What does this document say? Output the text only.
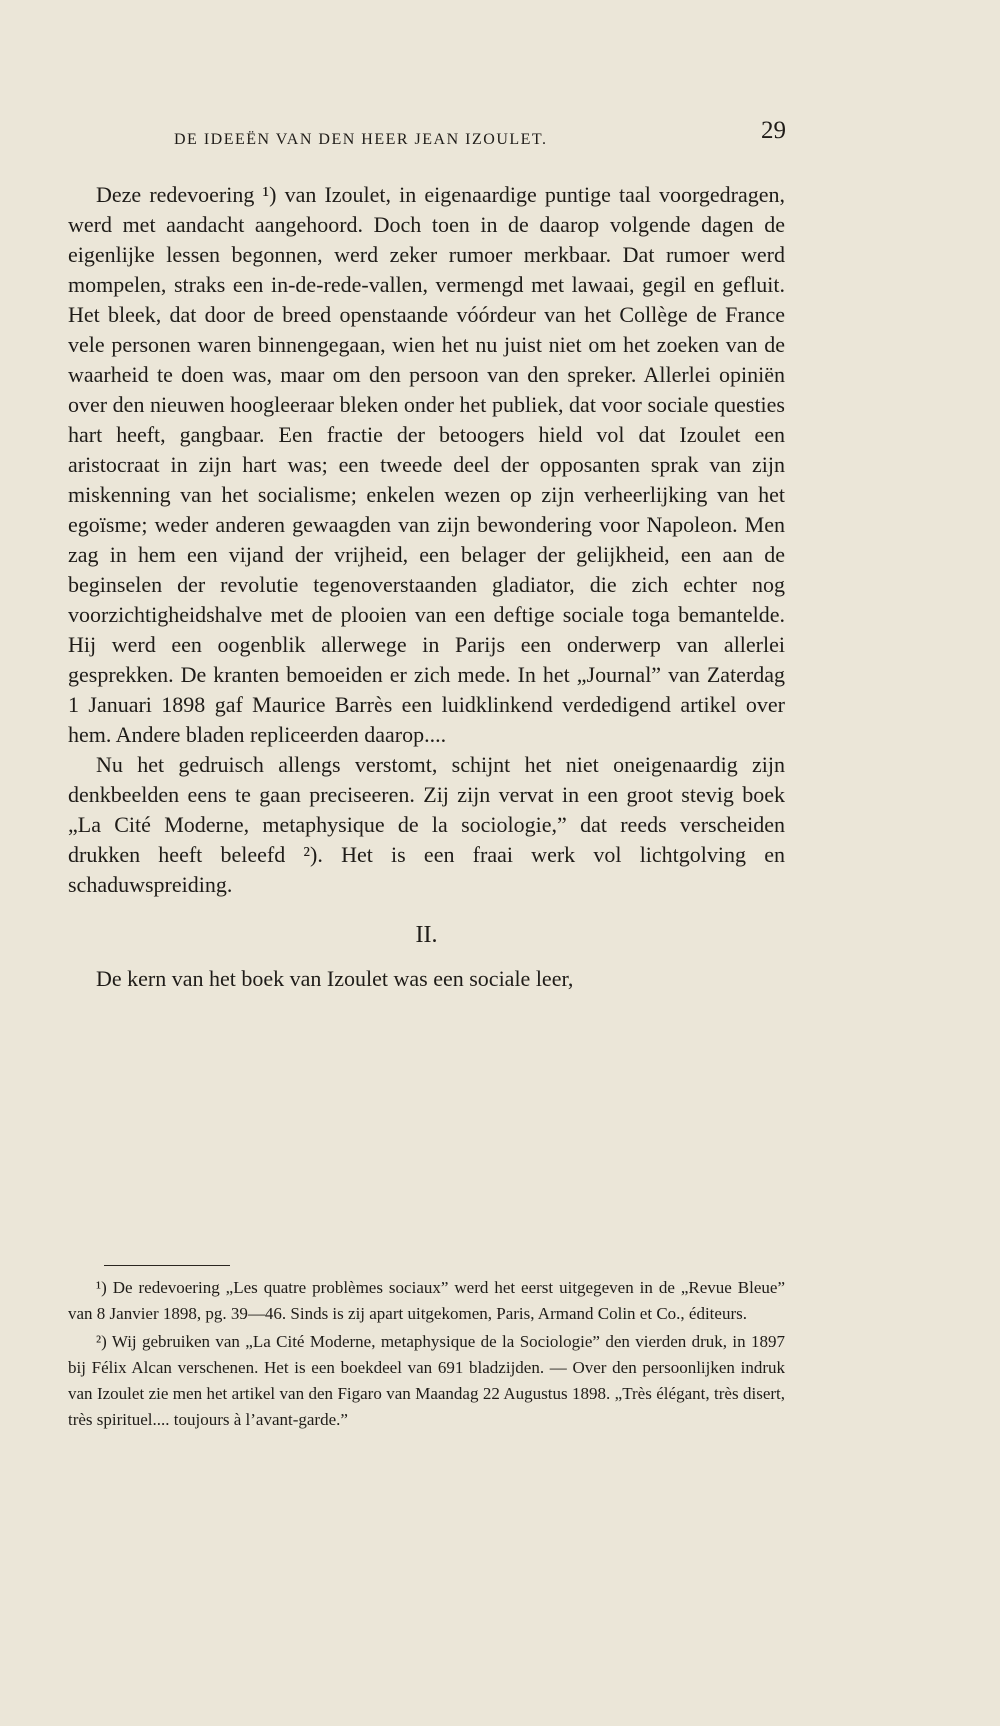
DE IDEEËN VAN DEN HEER JEAN IZOULET.	29

Deze redevoering ¹) van Izoulet, in eigenaardige puntige taal voorgedragen, werd met aandacht aangehoord. Doch toen in de daarop volgende dagen de eigenlijke lessen begonnen, werd zeker rumoer merkbaar. Dat rumoer werd mompelen, straks een in-de-rede-vallen, vermengd met lawaai, gegil en gefluit. Het bleek, dat door de breed openstaande vóórdeur van het Collège de France vele personen waren binnengegaan, wien het nu juist niet om het zoeken van de waarheid te doen was, maar om den persoon van den spreker. Allerlei opiniën over den nieuwen hoogleeraar bleken onder het publiek, dat voor sociale questies hart heeft, gangbaar. Een fractie der betoogers hield vol dat Izoulet een aristocraat in zijn hart was; een tweede deel der opposanten sprak van zijn miskenning van het socialisme; enkelen wezen op zijn verheerlijking van het egoïsme; weder anderen gewaagden van zijn bewondering voor Napoleon. Men zag in hem een vijand der vrijheid, een belager der gelijkheid, een aan de beginselen der revolutie tegenoverstaanden gladiator, die zich echter nog voorzichtigheidshalve met de plooien van een deftige sociale toga bemantelde. Hij werd een oogenblik allerwege in Parijs een onderwerp van allerlei gesprekken. De kranten bemoeiden er zich mede. In het „Journal” van Zaterdag 1 Januari 1898 gaf Maurice Barrès een luidklinkend verdedigend artikel over hem. Andere bladen repliceerden daarop....

Nu het gedruisch allengs verstomt, schijnt het niet oneigenaardig zijn denkbeelden eens te gaan preciseeren. Zij zijn vervat in een groot stevig boek „La Cité Moderne, metaphysique de la sociologie,” dat reeds verscheiden drukken heeft beleefd ²). Het is een fraai werk vol lichtgolving en schaduwspreiding.

II.

De kern van het boek van Izoulet was een sociale leer,

¹) De redevoering „Les quatre problèmes sociaux” werd het eerst uitgegeven in de „Revue Bleue” van 8 Janvier 1898, pg. 39—46. Sinds is zij apart uitgekomen, Paris, Armand Colin et Co., éditeurs.

²) Wij gebruiken van „La Cité Moderne, metaphysique de la Sociologie” den vierden druk, in 1897 bij Félix Alcan verschenen. Het is een boekdeel van 691 bladzijden. — Over den persoonlijken indruk van Izoulet zie men het artikel van den Figaro van Maandag 22 Augustus 1898. „Très élégant, très disert, très spirituel.... toujours à l’avant-garde.”
